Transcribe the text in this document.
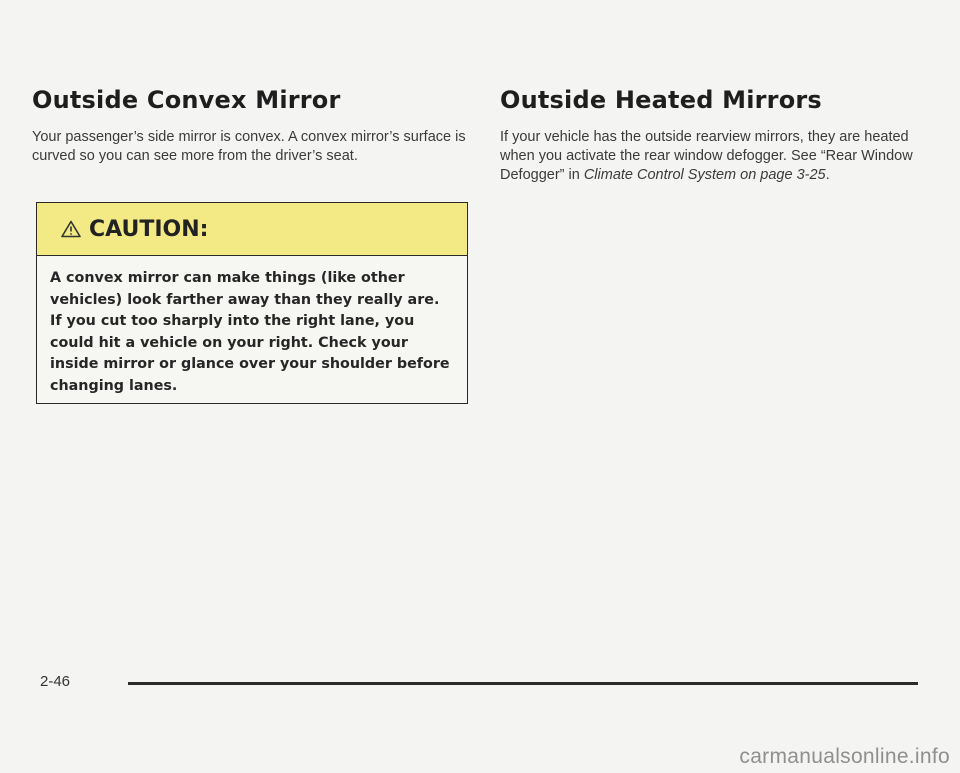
Outside Convex Mirror

Your passenger’s side mirror is convex. A convex mirror’s surface is curved so you can see more from the driver’s seat.

CAUTION:
A convex mirror can make things (like other vehicles) look farther away than they really are. If you cut too sharply into the right lane, you could hit a vehicle on your right. Check your inside mirror or glance over your shoulder before changing lanes.
Outside Heated Mirrors

If your vehicle has the outside rearview mirrors, they are heated when you activate the rear window defogger. See “Rear Window Defogger” in Climate Control System on page 3-25.

2-46
carmanualsonline.info
